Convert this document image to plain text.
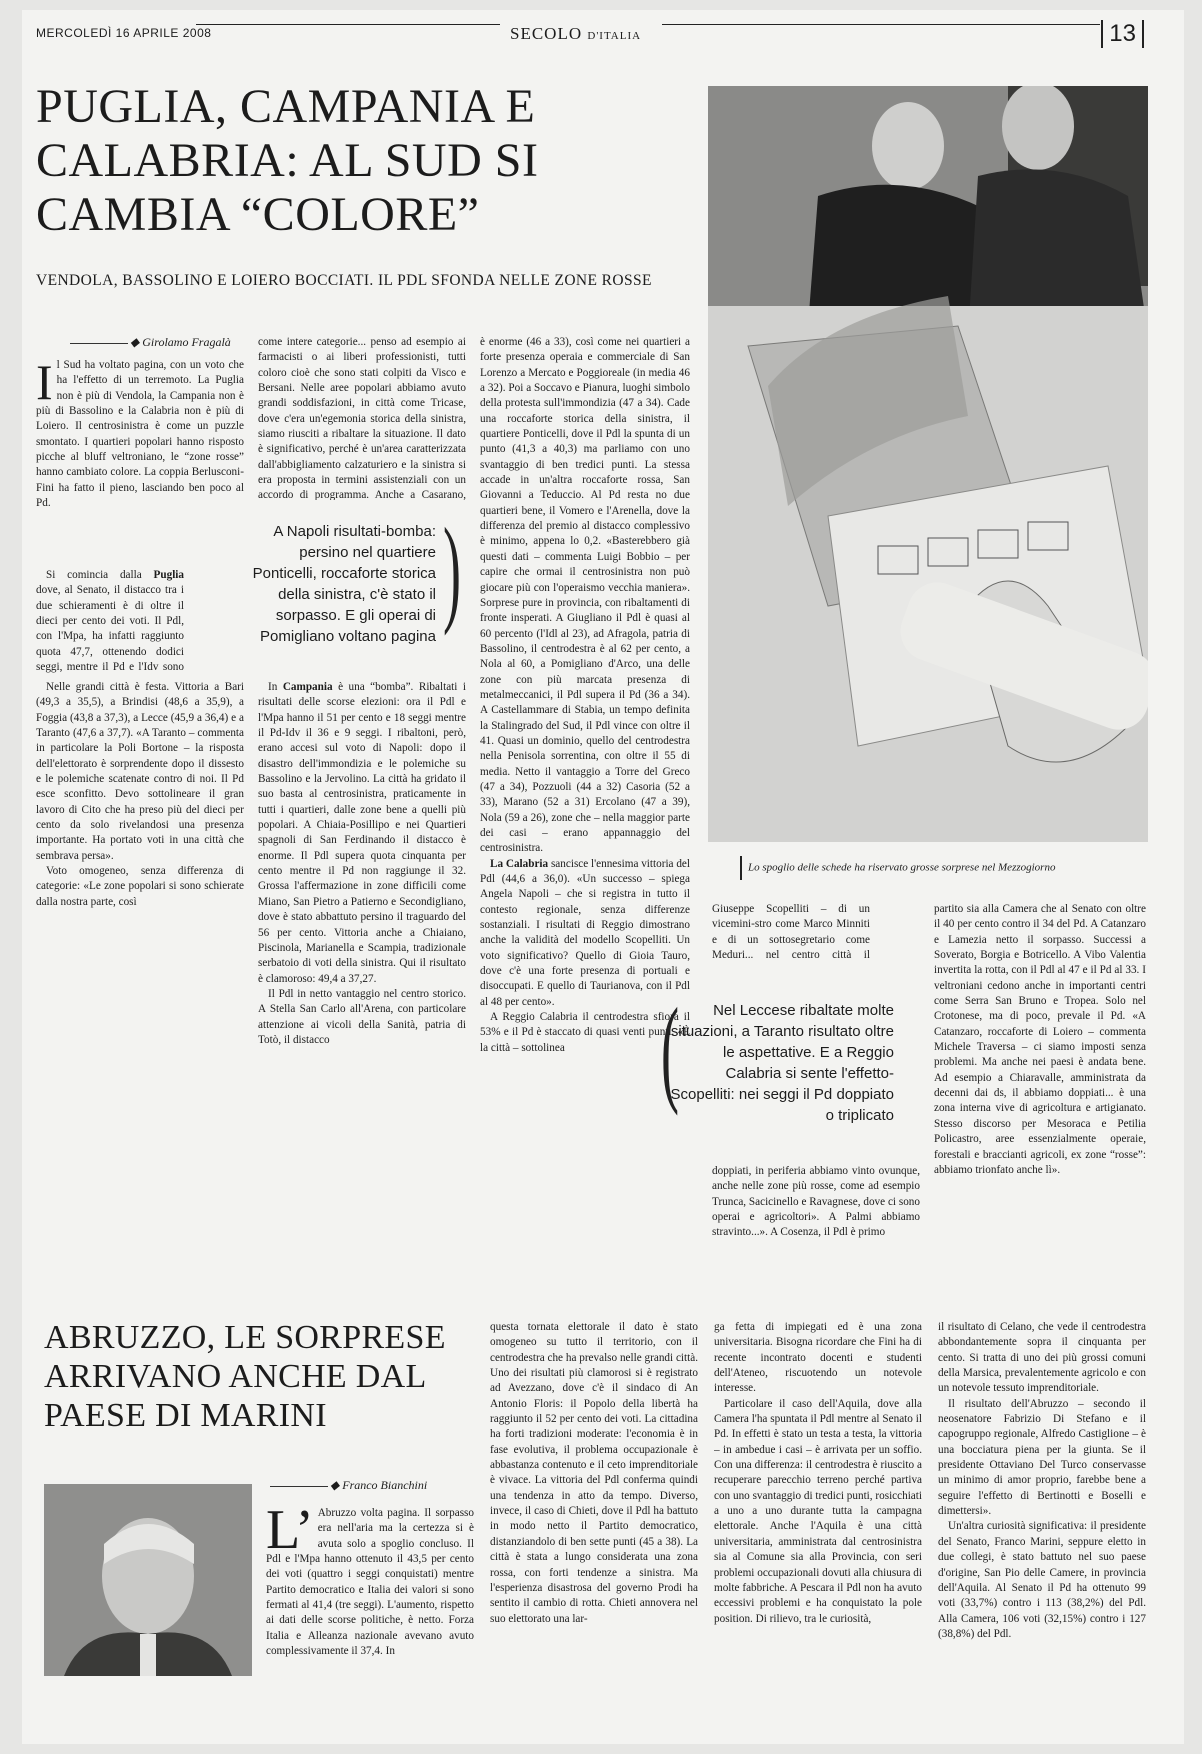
MERCOLEDÌ 16 APRILE 2008	SECOLO D'ITALIA	13
PUGLIA, CAMPANIA E CALABRIA: AL SUD SI CAMBIA “COLORE”
VENDOLA, BASSOLINO E LOIERO BOCCIATI. IL PDL SFONDA NELLE ZONE ROSSE
◆ Girolamo Fragalà

Il Sud ha voltato pagina, con un voto che ha l'effetto di un terremoto. La Puglia non è più di Vendola, la Campania non è più di Bassolino e la Calabria non è più di Loiero. Il centrosinistra è come un puzzle smontato. I quartieri popolari hanno risposto picche al bluff veltroniano, le “zone rosse” hanno cambiato colore. La coppia Berlusconi-Fini ha fatto il pieno, lasciando ben poco al Pd.

Si comincia dalla Puglia dove, al Senato, il distacco tra i due schieramenti è di oltre il dieci per cento dei voti. Il Pdl, con l'Mpa, ha infatti raggiunto quota 47,7, ottenendo dodici seggi, mentre il Pd e l'Idv sono

Nelle grandi città è festa. Vittoria a Bari (49,3 a 35,5), a Brindisi (48,6 a 35,9), a Foggia (43,8 a 37,3), a Lecce (45,9 a 36,4) e a Taranto (47,6 a 37,7). «A Taranto – commenta in particolare la Poli Bortone – la risposta dell'elettorato è sorprendente dopo il dissesto e le polemiche scatenate contro di noi. Il Pd esce sconfitto. Devo sottolineare il gran lavoro di Cito che ha preso più del dieci per cento da solo rivelandosi una presenza importante. Ha portato voti in una città che sembrava persa».

Voto omogeneo, senza differenza di categorie: «Le zone popolari si sono schierate dalla nostra parte, così

come intere categorie... penso ad esempio ai farmacisti o ai liberi professionisti, tutti coloro cioè che sono stati colpiti da Visco e Bersani. Nelle aree popolari abbiamo avuto grandi soddisfazioni, in città come Tricase, dove c'era un'egemonia storica della sinistra, siamo riusciti a ribaltare la situazione. Il dato è significativo, perché è un'area caratterizzata dall'abbigliamento calzaturiero e la sinistra si era proposta in termini assistenziali con un accordo di programma. Anche a Casarano,

In Campania è una “bomba”. Ribaltati i risultati delle scorse elezioni: ora il Pdl e l'Mpa hanno il 51 per cento e 18 seggi mentre il Pd-Idv il 36 e 9 seggi. I ribaltoni, però, erano accesi sul voto di Napoli: dopo il disastro dell'immondizia e le polemiche su Bassolino e la Jervolino. La città ha gridato il suo basta al centrosinistra, praticamente in tutti i quartieri, dalle zone bene a quelli più popolari. A Chiaia-Posillipo e nei Quartieri spagnoli di San Ferdinando il distacco è enorme. Il Pdl supera quota cinquanta per cento mentre il Pd non raggiunge il 32. Grossa l'affermazione in zone difficili come Miano, San Pietro a Patierno e Secondigliano, dove è stato abbattuto persino il traguardo del 56 per cento. Vittoria anche a Chiaiano, Piscinola, Marianella e Scampia, tradizionale serbatoio di voti della sinistra. Qui il risultato è clamoroso: 49,4 a 37,27.

Il Pdl in netto vantaggio nel centro storico. A Stella San Carlo all'Arena, con particolare attenzione ai vicoli della Sanità, patria di Totò, il distacco

A Napoli risultati-bomba: persino nel quartiere Ponticelli, roccaforte storica della sinistra, c'è stato il sorpasso. E gli operai di Pomigliano voltano pagina
)

è enorme (46 a 33), così come nei quartieri a forte presenza operaia e commerciale di San Lorenzo a Mercato e Poggioreale (in media 46 a 32). Poi a Soccavo e Pianura, luoghi simbolo della protesta sull'immondizia (47 a 34). Cade una roccaforte storica della sinistra, il quartiere Ponticelli, dove il Pdl la spunta di un punto (41,3 a 40,3) ma parliamo con uno svantaggio di ben tredici punti. La stessa accade in un'altra roccaforte rossa, San Giovanni a Teduccio. Al Pd resta no due quartieri bene, il Vomero e l'Arenella, dove la differenza del premio al distacco complessivo è minimo, appena lo 0,2. «Basterebbero già questi dati – commenta Luigi Bobbio – per capire che ormai il centrosinistra non può giocare più con l'operaismo vecchia maniera». Sorprese pure in provincia, con ribaltamenti di fronte insperati. A Giugliano il Pdl è quasi al 60 percento (l'Idl al 23), ad Afragola, patria di Bassolino, il centrodestra è al 62 per cento, a Nola al 60, a Pomigliano d'Arco, una delle zone con più marcata presenza di metalmeccanici, il Pdl supera il Pd (36 a 34). A Castellammare di Stabia, un tempo definita la Stalingrado del Sud, il Pdl vince con oltre il 41. Quasi un dominio, quello del centrodestra nella Penisola sorrentina, con oltre il 55 di media. Netto il vantaggio a Torre del Greco (47 a 34), Pozzuoli (44 a 32) Casoria (52 a 33), Marano (52 a 31) Ercolano (47 a 39), Nola (59 a 26), zone che – nella maggior parte dei casi – erano appannaggio del centrosinistra.

La Calabria sancisce l'ennesima vittoria del Pdl (44,6 a 36,0). «Un successo – spiega Angela Napoli – che si registra in tutto il contesto regionale, senza differenze sostanziali. I risultati di Reggio dimostrano anche la validità del modello Scopelliti. Un voto significativo? Quello di Gioia Tauro, dove c'è una forte presenza di portuali e disoccupati. E quello di Taurianova, con il Pdl al 48 per cento».

A Reggio Calabria il centrodestra sfiora il 53% e il Pd è staccato di quasi venti punti. «È la città – sottolinea

Lo spoglio delle schede ha riservato grosse sorprese nel Mezzogiorno

Giuseppe Scopelliti – di un vicemini-stro come Marco Minniti e di un sottosegretario come Meduri... nel centro città il

Nel Leccese ribaltate molte situazioni, a Taranto risultato oltre le aspettative. E a Reggio Calabria si sente l'effetto-Scopelliti: nei seggi il Pd doppiato o triplicato
(

doppiati, in periferia abbiamo vinto ovunque, anche nelle zone più rosse, come ad esempio Trunca, Sacicinello e Ravagnese, dove ci sono operai e agricoltori». A Palmi abbiamo stravinto...». A Cosenza, il Pdl è primo

partito sia alla Camera che al Senato con oltre il 40 per cento contro il 34 del Pd. A Catanzaro e Lamezia netto il sorpasso. Successi a Soverato, Borgia e Botricello. A Vibo Valentia invertita la rotta, con il Pdl al 47 e il Pd al 33. I veltroniani cedono anche in importanti centri come Serra San Bruno e Tropea. Solo nel Crotonese, ma di poco, prevale il Pd. «A Catanzaro, roccaforte di Loiero – commenta Michele Traversa – ci siamo imposti senza problemi. Ma anche nei paesi è andata bene. Ad esempio a Chiaravalle, amministrata da decenni dai ds, il abbiamo doppiati... è una zona interna vive di agricoltura e artigianato. Stesso discorso per Mesoraca e Petilia Policastro, aree essenzialmente operaie, forestali e braccianti agricoli, ex zone “rosse”: abbiamo trionfato anche lì».

ABRUZZO, LE SORPRESE ARRIVANO ANCHE DAL PAESE DI MARINI
◆ Franco Bianchini

L’ Abruzzo volta pagina. Il sorpasso era nell'aria ma la certezza si è avuta solo a spoglio concluso. Il Pdl e l'Mpa hanno ottenuto il 43,5 per cento dei voti (quattro i seggi conquistati) mentre Partito democratico e Italia dei valori si sono fermati al 41,4 (tre seggi). L'aumento, rispetto ai dati delle scorse politiche, è netto. Forza Italia e Alleanza nazionale avevano avuto complessivamente il 37,4. In

questa tornata elettorale il dato è stato omogeneo su tutto il territorio, con il centrodestra che ha prevalso nelle grandi città. Uno dei risultati più clamorosi si è registrato ad Avezzano, dove c'è il sindaco di An Antonio Floris: il Popolo della libertà ha raggiunto il 52 per cento dei voti. La cittadina ha forti tradizioni moderate: l'economia è in fase evolutiva, il problema occupazionale è abbastanza contenuto e il ceto imprenditoriale è vivace. La vittoria del Pdl conferma quindi una tendenza in atto da tempo. Diverso, invece, il caso di Chieti, dove il Pdl ha battuto in modo netto il Partito democratico, distanziandolo di ben sette punti (45 a 38). La città è stata a lungo considerata una zona rossa, con forti tendenze a sinistra. Ma l'esperienza disastrosa del governo Prodi ha sentito il cambio di rotta. Chieti annovera nel suo elettorato una lar-

ga fetta di impiegati ed è una zona universitaria. Bisogna ricordare che Fini ha di recente incontrato docenti e studenti dell'Ateneo, riscuotendo un notevole interesse.

Particolare il caso dell'Aquila, dove alla Camera l'ha spuntata il Pdl mentre al Senato il Pd. In effetti è stato un testa a testa, la vittoria – in ambedue i casi – è arrivata per un soffio. Con una differenza: il centrodestra è riuscito a recuperare parecchio terreno perché partiva con uno svantaggio di tredici punti, rosicchiati a uno a uno durante tutta la campagna elettorale. Anche l'Aquila è una città universitaria, amministrata dal centrosinistra sia al Comune sia alla Provincia, con seri problemi occupazionali dovuti alla chiusura di molte fabbriche. A Pescara il Pdl non ha avuto eccessivi problemi e ha conquistato la pole position. Di rilievo, tra le curiosità,

il risultato di Celano, che vede il centrodestra abbondantemente sopra il cinquanta per cento. Si tratta di uno dei più grossi comuni della Marsica, prevalentemente agricolo e con un notevole tessuto imprenditoriale.

Il risultato dell'Abruzzo – secondo il neosenatore Fabrizio Di Stefano e il capogruppo regionale, Alfredo Castiglione – è una bocciatura piena per la giunta. Se il presidente Ottaviano Del Turco conservasse un minimo di amor proprio, farebbe bene a seguire l'effetto di Bertinotti e Boselli e dimettersi».

Un'altra curiosità significativa: il presidente del Senato, Franco Marini, seppure eletto in due collegi, è stato battuto nel suo paese d'origine, San Pio delle Camere, in provincia dell'Aquila. Al Senato il Pd ha ottenuto 99 voti (33,7%) contro i 113 (38,2%) del Pdl. Alla Camera, 106 voti (32,15%) contro i 127 (38,8%) del Pdl.
